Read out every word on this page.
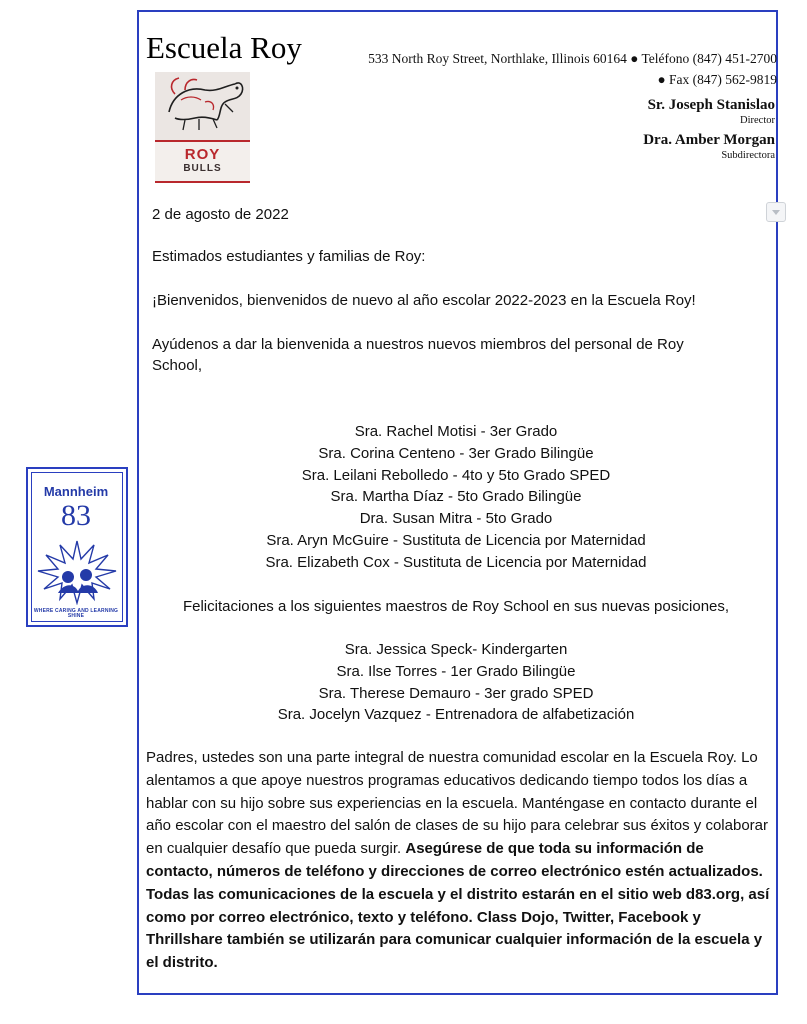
Escuela Roy	533 North Roy Street, Northlake, Illinois 60164 ● Teléfono (847) 451-2700
● Fax (847) 562-9819
Sr. Joseph Stanislao
Director
Dra. Amber Morgan
Subdirectora
ROY
BULLS

2 de agosto de 2022

Estimados estudiantes y familias de Roy:

¡Bienvenidos, bienvenidos de nuevo al año escolar 2022-2023 en la Escuela Roy!

Ayúdenos a dar la bienvenida a nuestros nuevos miembros del personal de Roy School,

Sra. Rachel Motisi - 3er Grado
Sra. Corina Centeno - 3er Grado Bilingüe
Sra. Leilani Rebolledo - 4to y 5to Grado SPED
Sra. Martha Díaz - 5to Grado Bilingüe
Dra. Susan Mitra - 5to Grado
Sra. Aryn McGuire - Sustituta de Licencia por Maternidad
Sra. Elizabeth Cox - Sustituta de Licencia por Maternidad

Felicitaciones a los siguientes maestros de Roy School en sus nuevas posiciones,

Sra. Jessica Speck- Kindergarten
Sra. Ilse Torres - 1er Grado Bilingüe
Sra. Therese Demauro - 3er grado SPED
Sra. Jocelyn Vazquez - Entrenadora de alfabetización

Padres, ustedes son una parte integral de nuestra comunidad escolar en la Escuela Roy. Lo alentamos a que apoye nuestros programas educativos dedicando tiempo todos los días a hablar con su hijo sobre sus experiencias en la escuela. Manténgase en contacto durante el año escolar con el maestro del salón de clases de su hijo para celebrar sus éxitos y colaborar en cualquier desafío que pueda surgir. Asegúrese de que toda su información de contacto, números de teléfono y direcciones de correo electrónico estén actualizados. Todas las comunicaciones de la escuela y el distrito estarán en el sitio web d83.org, así como por correo electrónico, texto y teléfono. Class Dojo, Twitter, Facebook y Thrillshare también se utilizarán para comunicar cualquier información de la escuela y el distrito.

Mannheim
83
WHERE CARING AND LEARNING SHINE
